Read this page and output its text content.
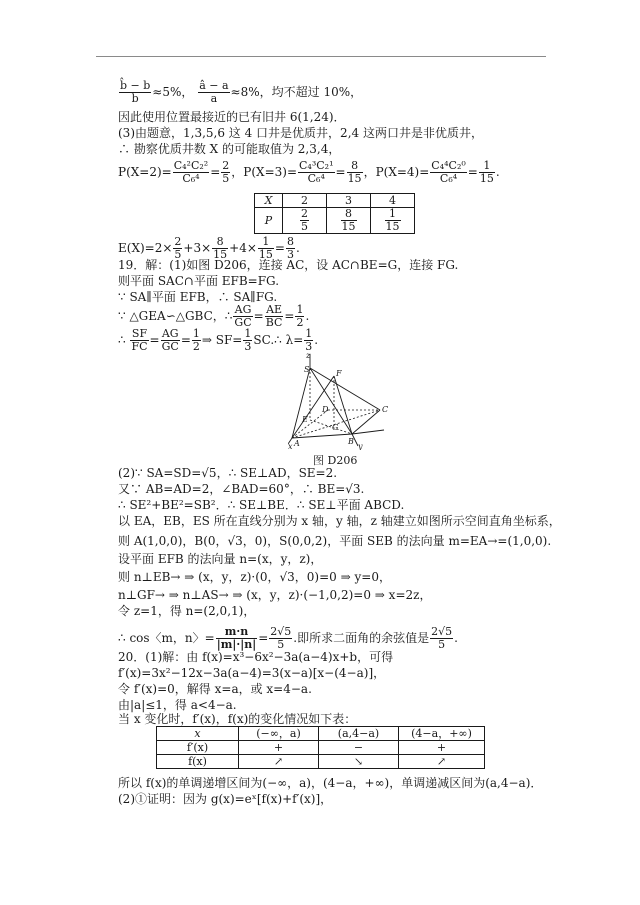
$\frac{b̂ - b}{b} \approx 5\%$， $\frac{â - a}{a} \approx 8\%$，均不超过 10%，
因此使用位置最接近的已有旧井 6(1,24)．
(3)由题意，1,3,5,6 这 4 口井是优质井，2,4 这两口井是非优质井，
∴ 勘察优质井数 X 的可能取值为 2,3,4，
$P(X=2)= \frac{\text{C₄²C₂²}}{\text{C₆⁴}} = \frac{2}{5}$ ，$P(X=3)= \frac{\text{C₄³C₂¹}}{\text{C₆⁴}} = \frac{8}{15}$ ，$P(X=4)= \frac{\text{C₄⁴C₂⁰}}{\text{C₆⁴}} = \frac{1}{15}$ .
X	2	3	4
P	$\frac{2}{5}$	$\frac{8}{15}$	$\frac{1}{15}$
$E(X)=2\times \frac{2}{5} +3\times \frac{8}{15} +4\times \frac{1}{15} = \frac{8}{3}$ .
19．解：(1)如图 D206，连接 AC，设 AC∩BE=G，连接 FG.
则平面 SAC∩平面 EFB=FG.
∵ SA∥平面 EFB，∴ SA∥FG.
∵ △GEA∽△GBC，∴ $\frac{AG}{GC} = \frac{AE}{BC} = \frac{1}{2}$ .
∴ $\frac{SF}{FC} = \frac{AG}{GC} = \frac{1}{2}$ ⇒ $SF= \frac{1}{3}$ SC.∴ $\lambda= \frac{1}{3}$ .
z
S	F
C
D
E
G
A	B
y
x
图 D206
(2)∵ SA=SD=√5，∴ SE⊥AD，SE=2.
又∵ AB=AD=2，∠BAD=60°，∴ BE=√3.
∴ SE²+BE²=SB²．∴ SE⊥BE．∴ SE⊥平面 ABCD.
以 EA，EB，ES 所在直线分别为 x 轴，y 轴，z 轴建立如图所示空间直角坐标系，
则 A(1,0,0)，B(0，√3，0)，S(0,0,2)，平面 SEB 的法向量 m=EA→=(1,0,0).
设平面 EFB 的法向量 n=(x，y，z)，
则 n⊥EB→ ⇒ (x，y，z)·(0，√3，0)=0 ⇒ y=0，
n⊥GF→ ⇒ n⊥AS→ ⇒ (x，y，z)·(−1,0,2)=0 ⇒ x=2z，
令 z=1，得 n=(2,0,1)，
∴ cos〈m，n〉= $\frac{m\cdot n}{|m|\cdot|n|} = \frac{2√5}{5}$ .即所求二面角的余弦值是 $\frac{2√5}{5}$ .
20．(1)解：由 f(x)=x³−6x²−3a(a−4)x+b，可得
f′(x)=3x²−12x−3a(a−4)=3(x−a)[x−(4−a)]，
令 f′(x)=0，解得 x=a，或 x=4−a.
由|a|≤1，得 a<4−a.
当 x 变化时，f′(x)，f(x)的变化情况如下表：
x	(−∞，a)	(a,4−a)	(4−a，+∞)
f′(x)	+	−	+
f(x)	↗	↘	↗
所以 f(x)的单调递增区间为(−∞，a)，(4−a，+∞)，单调递减区间为(a,4−a)．
(2)①证明：因为 g(x)=eˣ[f(x)+f′(x)]，
